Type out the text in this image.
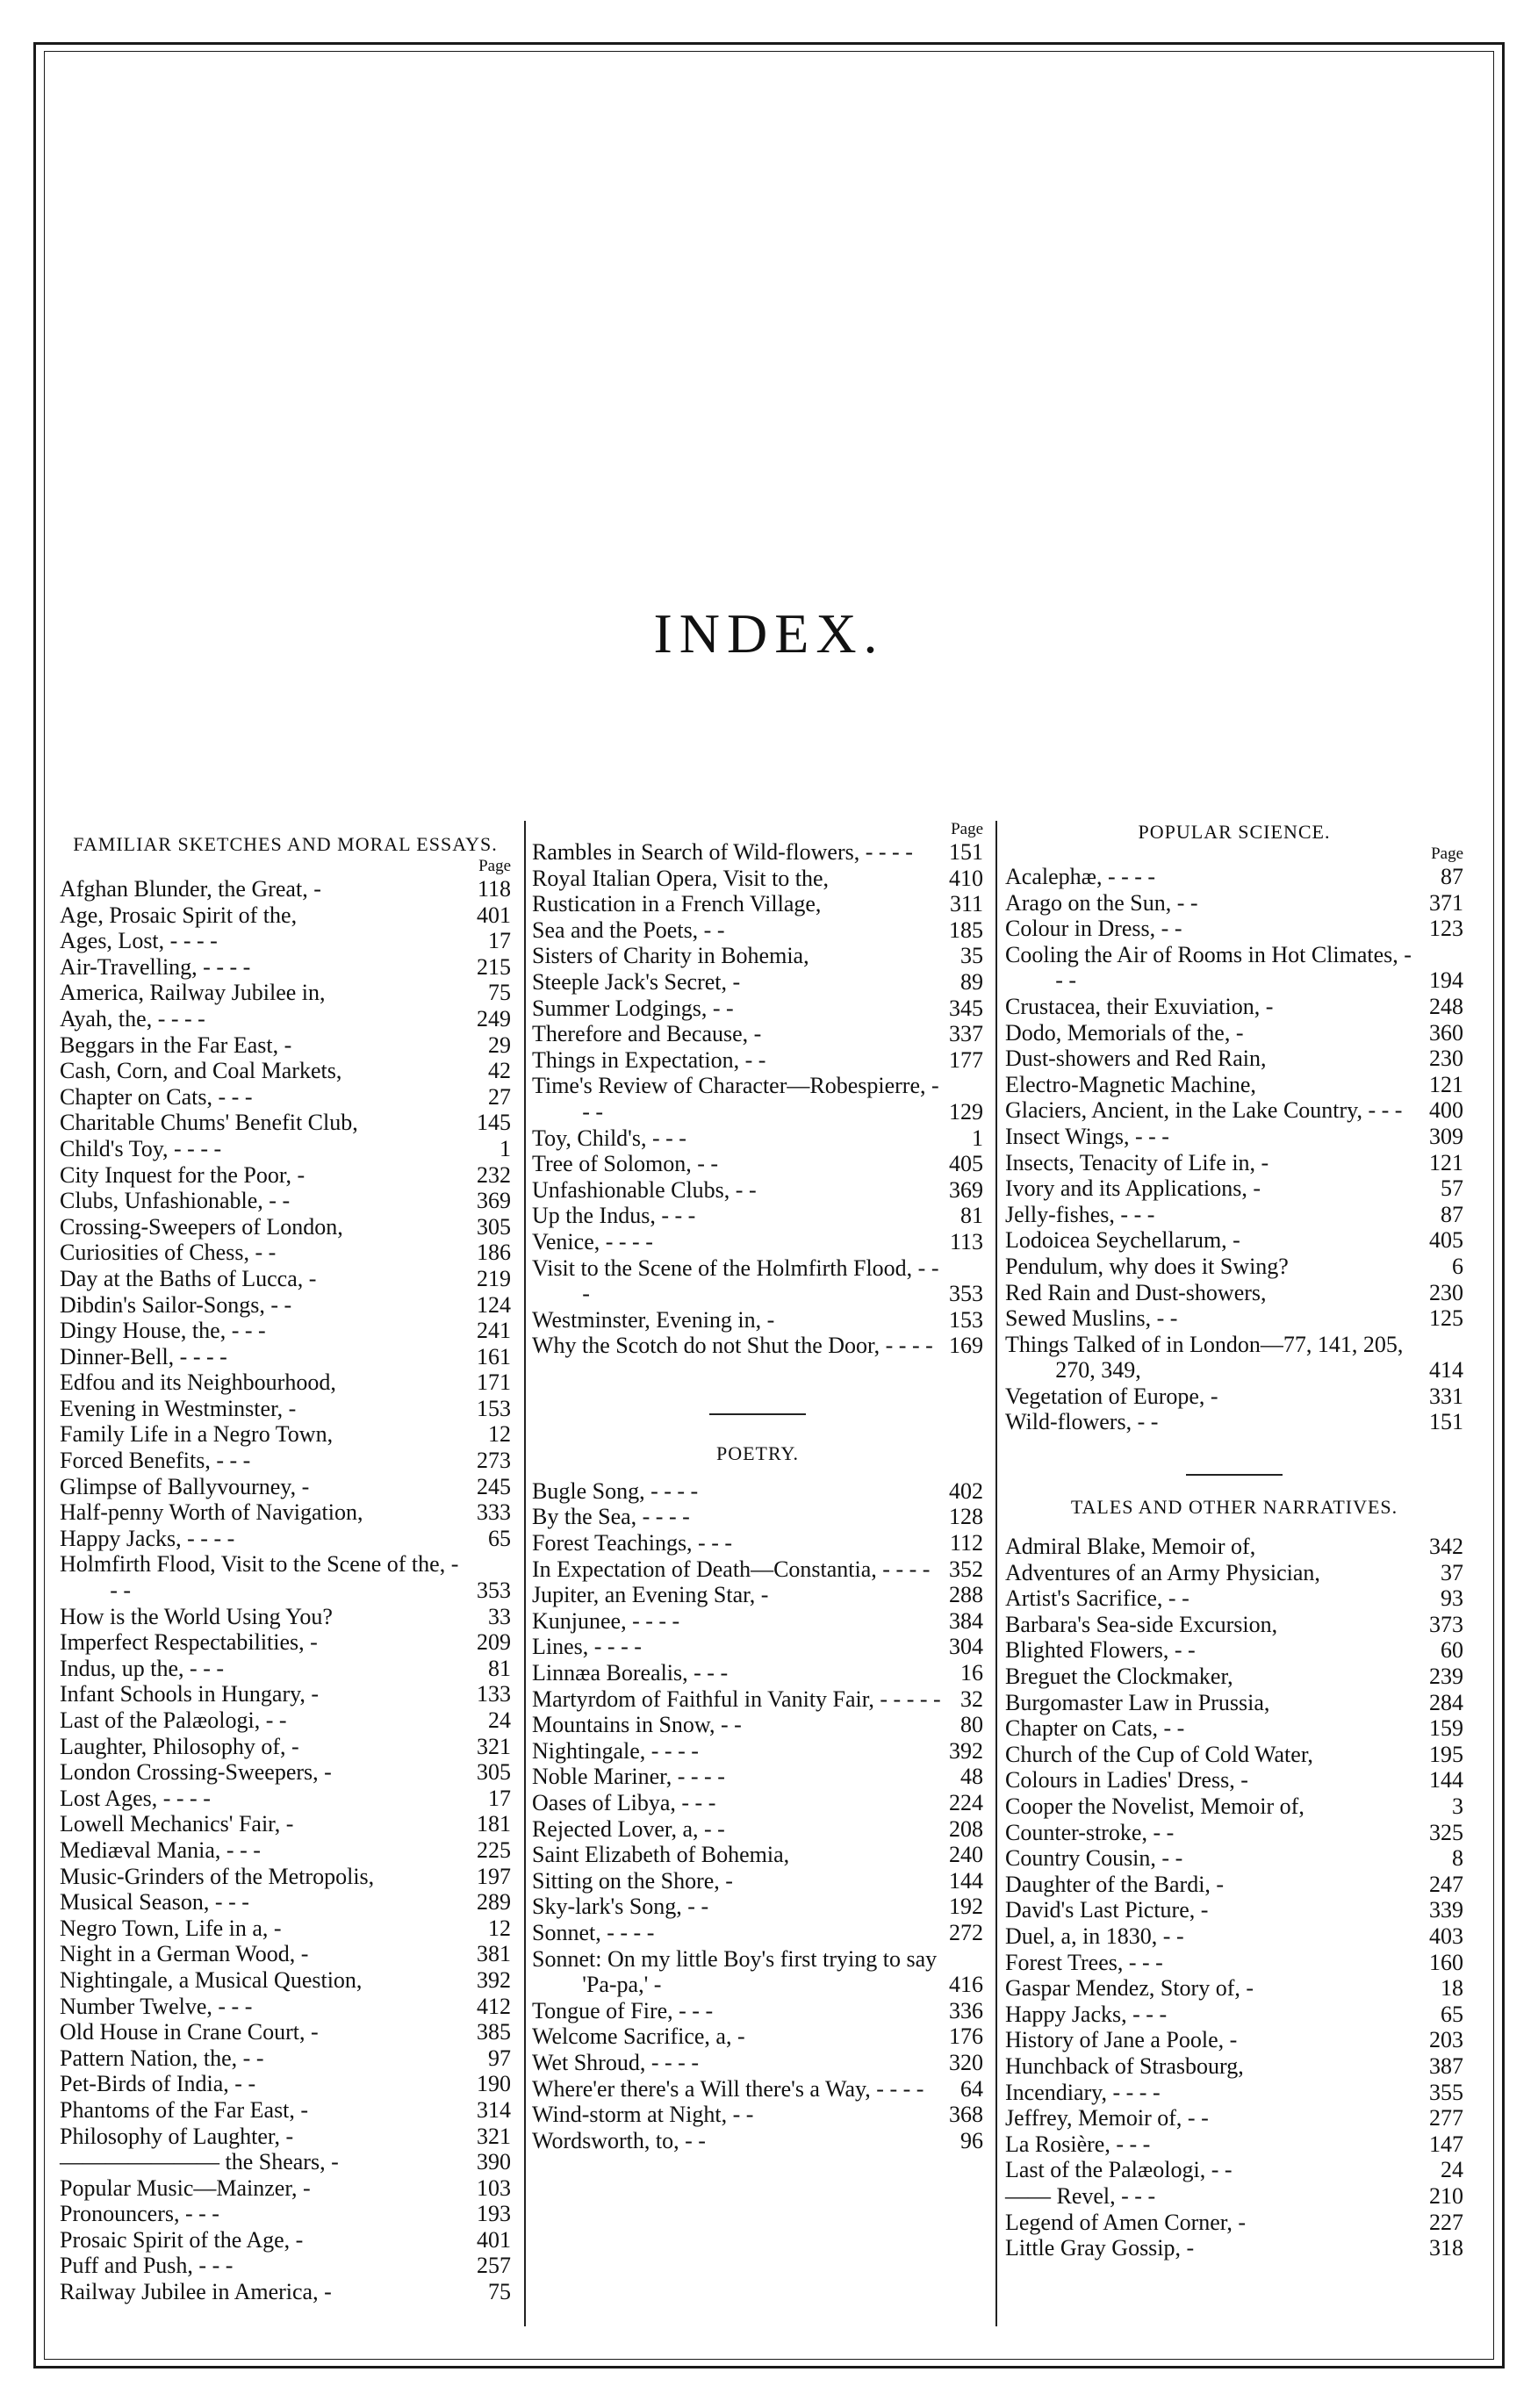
INDEX.
FAMILIAR SKETCHES AND MORAL ESSAYS.
Page
Afghan Blunder, the Great, -	118
Age, Prosaic Spirit of the,	401
Ages, Lost, - - - -	17
Air-Travelling, - - - -	215
America, Railway Jubilee in,	75
Ayah, the, - - - -	249
Beggars in the Far East, -	29
Cash, Corn, and Coal Markets,	42
Chapter on Cats, - - -	27
Charitable Chums' Benefit Club,	145
Child's Toy, - - - -	1
City Inquest for the Poor, -	232
Clubs, Unfashionable, - -	369
Crossing-Sweepers of London,	305
Curiosities of Chess, - -	186
Day at the Baths of Lucca, -	219
Dibdin's Sailor-Songs, - -	124
Dingy House, the, - - -	241
Dinner-Bell, - - - -	161
Edfou and its Neighbourhood,	171
Evening in Westminster, -	153
Family Life in a Negro Town,	12
Forced Benefits, - - -	273
Glimpse of Ballyvourney, -	245
Half-penny Worth of Navigation,	333
Happy Jacks, - - - -	65
Holmfirth Flood, Visit to the Scene of the, - - -	353
How is the World Using You?	33
Imperfect Respectabilities, -	209
Indus, up the, - - -	81
Infant Schools in Hungary, -	133
Last of the Palæologi, - -	24
Laughter, Philosophy of, -	321
London Crossing-Sweepers, -	305
Lost Ages, - - - -	17
Lowell Mechanics' Fair, -	181
Mediæval Mania, - - -	225
Music-Grinders of the Metropolis,	197
Musical Season, - - -	289
Negro Town, Life in a, -	12
Night in a German Wood, -	381
Nightingale, a Musical Question,	392
Number Twelve, - - -	412
Old House in Crane Court, -	385
Pattern Nation, the, - -	97
Pet-Birds of India, - -	190
Phantoms of the Far East, -	314
Philosophy of Laughter, -	321
——————— the Shears, -	390
Popular Music—Mainzer, -	103
Pronouncers, - - -	193
Prosaic Spirit of the Age, -	401
Puff and Push, - - -	257
Railway Jubilee in America, -	75
Page
Rambles in Search of Wild-flowers, - - - -	151
Royal Italian Opera, Visit to the,	410
Rustication in a French Village,	311
Sea and the Poets, - -	185
Sisters of Charity in Bohemia,	35
Steeple Jack's Secret, -	89
Summer Lodgings, - -	345
Therefore and Because, -	337
Things in Expectation, - -	177
Time's Review of Character—Robespierre, - - -	129
Toy, Child's, - - -	1
Tree of Solomon, - -	405
Unfashionable Clubs, - -	369
Up the Indus, - - -	81
Venice, - - - -	113
Visit to the Scene of the Holmfirth Flood, - - -	353
Westminster, Evening in, -	153
Why the Scotch do not Shut the Door, - - - - 169
POETRY.
Bugle Song, - - - -	402
By the Sea, - - - -	128
Forest Teachings, - - -	112
In Expectation of Death—Constantia, - - - - 352
Jupiter, an Evening Star, -	288
Kunjunee, - - - -	384
Lines, - - - -	304
Linnæa Borealis, - - -	16
Martyrdom of Faithful in Vanity Fair, - - - - - 32
Mountains in Snow, - -	80
Nightingale, - - - -	392
Noble Mariner, - - - -	48
Oases of Libya, - - -	224
Rejected Lover, a, - -	208
Saint Elizabeth of Bohemia,	240
Sitting on the Shore, -	144
Sky-lark's Song, - -	192
Sonnet, - - - -	272
Sonnet: On my little Boy's first trying to say 'Pa-pa,' -	416
Tongue of Fire, - - -	336
Welcome Sacrifice, a, -	176
Wet Shroud, - - - -	320
Where'er there's a Will there's a Way, - - - -	64
Wind-storm at Night, - -	368
Wordsworth, to, - -	96
POPULAR SCIENCE.
Page
Acalephæ, - - - -	87
Arago on the Sun, - -	371
Colour in Dress, - -	123
Cooling the Air of Rooms in Hot Climates, - - -	194
Crustacea, their Exuviation, -	248
Dodo, Memorials of the, -	360
Dust-showers and Red Rain,	230
Electro-Magnetic Machine,	121
Glaciers, Ancient, in the Lake Country, - - -	400
Insect Wings, - - -	309
Insects, Tenacity of Life in, -	121
Ivory and its Applications, -	57
Jelly-fishes, - - -	87
Lodoicea Seychellarum, -	405
Pendulum, why does it Swing?	6
Red Rain and Dust-showers,	230
Sewed Muslins, - -	125
Things Talked of in London—77, 141, 205, 270, 349,	414
Vegetation of Europe, -	331
Wild-flowers, - -	151
TALES AND OTHER NARRATIVES.
Admiral Blake, Memoir of,	342
Adventures of an Army Physician,	37
Artist's Sacrifice, - -	93
Barbara's Sea-side Excursion,	373
Blighted Flowers, - -	60
Breguet the Clockmaker,	239
Burgomaster Law in Prussia,	284
Chapter on Cats, - -	159
Church of the Cup of Cold Water,	195
Colours in Ladies' Dress, -	144
Cooper the Novelist, Memoir of,	3
Counter-stroke, - -	325
Country Cousin, - -	8
Daughter of the Bardi, -	247
David's Last Picture, -	339
Duel, a, in 1830, - -	403
Forest Trees, - - -	160
Gaspar Mendez, Story of, -	18
Happy Jacks, - - -	65
History of Jane a Poole, -	203
Hunchback of Strasbourg,	387
Incendiary, - - - -	355
Jeffrey, Memoir of, - -	277
La Rosière, - - -	147
Last of the Palæologi, - -	24
—— Revel, - - -	210
Legend of Amen Corner, -	227
Little Gray Gossip, -	318
